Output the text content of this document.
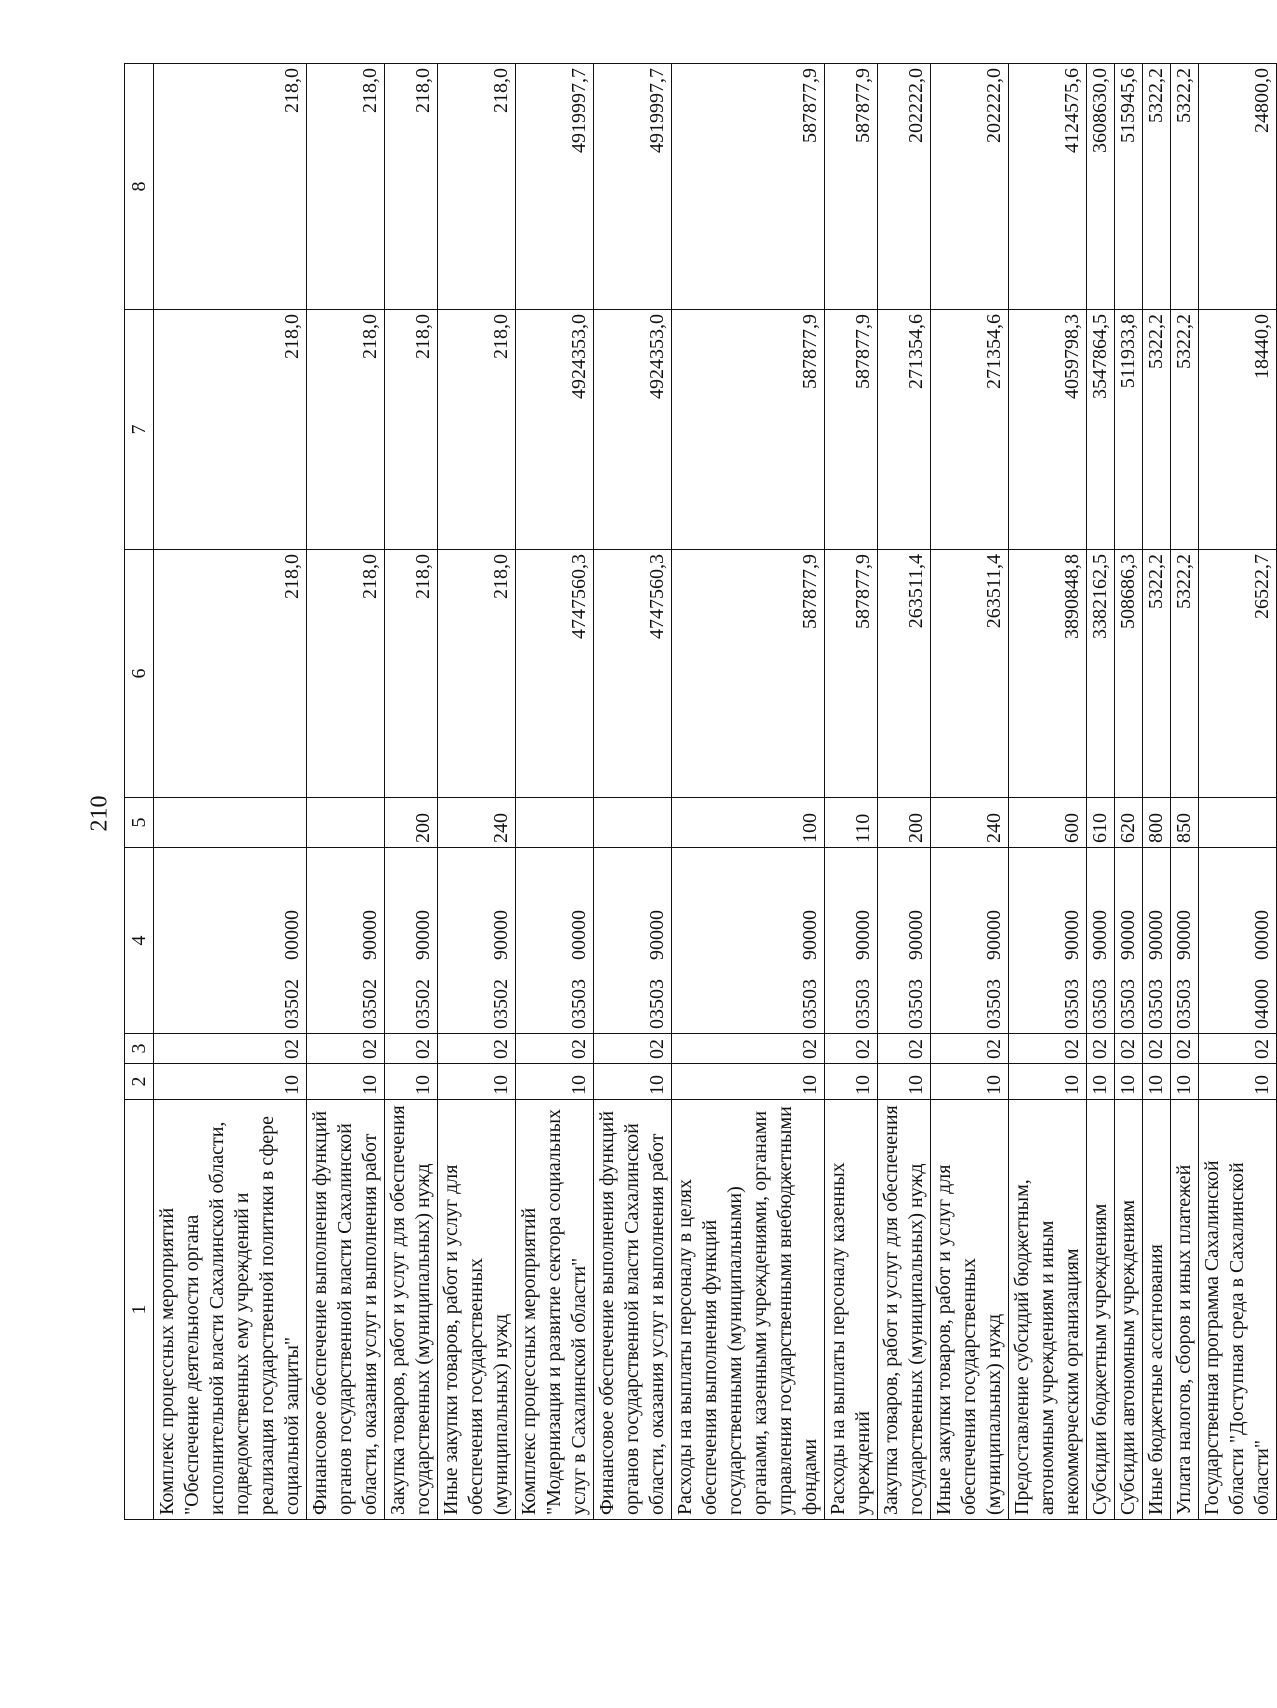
210
1	2	3	4	5	6	7	8
Комплекс процессных мероприятий "Обеспечение деятельности органа исполнительной власти Сахалинской области, подведомственных ему учреждений и реализация государственной политики в сфере социальной защиты"	10	02	03502 00000		218,0	218,0	218,0
Финансовое обеспечение выполнения функций органов государственной власти Сахалинской области, оказания услуг и выполнения работ	10	02	03502 90000		218,0	218,0	218,0
Закупка товаров, работ и услуг для обеспечения государственных (муниципальных) нужд	10	02	03502 90000	200	218,0	218,0	218,0
Иные закупки товаров, работ и услуг для обеспечения государственных (муниципальных) нужд	10	02	03502 90000	240	218,0	218,0	218,0
Комплекс процессных мероприятий "Модернизация и развитие сектора социальных услуг в Сахалинской области"	10	02	03503 00000		4747560,3	4924353,0	4919997,7
Финансовое обеспечение выполнения функций органов государственной власти Сахалинской области, оказания услуг и выполнения работ	10	02	03503 90000		4747560,3	4924353,0	4919997,7
Расходы на выплаты персоналу в целях обеспечения выполнения функций государственными (муниципальными) органами, казенными учреждениями, органами управления государственными внебюджетными фондами	10	02	03503 90000	100	587877,9	587877,9	587877,9
Расходы на выплаты персоналу казенных учреждений	10	02	03503 90000	110	587877,9	587877,9	587877,9
Закупка товаров, работ и услуг для обеспечения государственных (муниципальных) нужд	10	02	03503 90000	200	263511,4	271354,6	202222,0
Иные закупки товаров, работ и услуг для обеспечения государственных (муниципальных) нужд	10	02	03503 90000	240	263511,4	271354,6	202222,0
Предоставление субсидий бюджетным, автономным учреждениям и иным некоммерческим организациям	10	02	03503 90000	600	3890848,8	4059798,3	4124575,6
Субсидии бюджетным учреждениям	10	02	03503 90000	610	3382162,5	3547864,5	3608630,0
Субсидии автономным учреждениям	10	02	03503 90000	620	508686,3	511933,8	515945,6
Иные бюджетные ассигнования	10	02	03503 90000	800	5322,2	5322,2	5322,2
Уплата налогов, сборов и иных платежей	10	02	03503 90000	850	5322,2	5322,2	5322,2
Государственная программа Сахалинской области "Доступная среда в Сахалинской области"	10	02	04000 00000		26522,7	18440,0	24800,0
